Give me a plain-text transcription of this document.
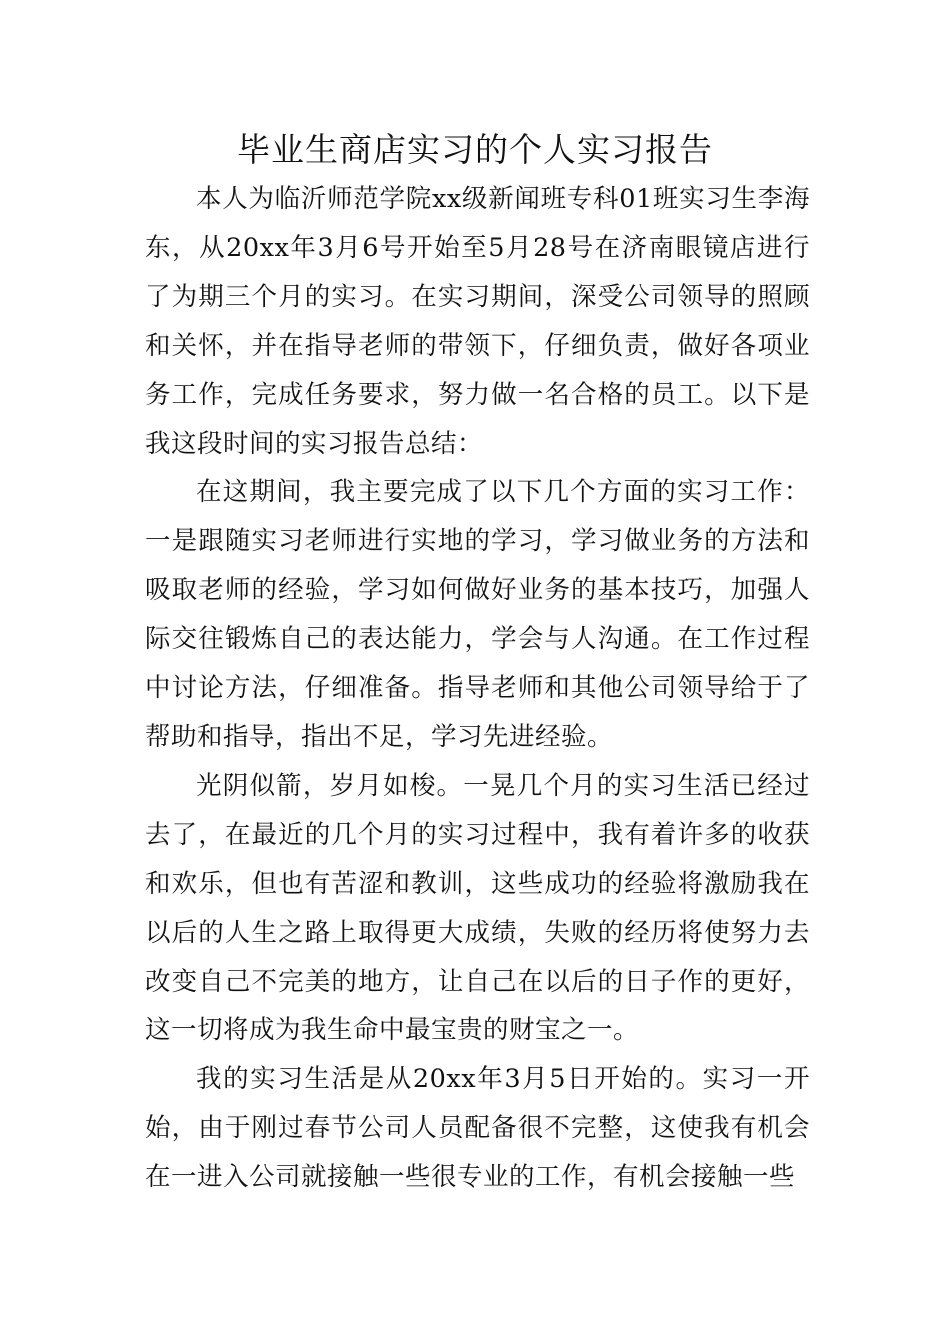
毕业生商店实习的个人实习报告

本人为临沂师范学院xx级新闻班专科01班实习生李海东，从20xx年3月6号开始至5月28号在济南眼镜店进行了为期三个月的实习。在实习期间，深受公司领导的照顾和关怀，并在指导老师的带领下，仔细负责，做好各项业务工作，完成任务要求，努力做一名合格的员工。以下是我这段时间的实习报告总结：

在这期间，我主要完成了以下几个方面的实习工作：一是跟随实习老师进行实地的学习，学习做业务的方法和吸取老师的经验，学习如何做好业务的基本技巧，加强人际交往锻炼自己的表达能力，学会与人沟通。在工作过程中讨论方法，仔细准备。指导老师和其他公司领导给于了帮助和指导，指出不足，学习先进经验。

光阴似箭，岁月如梭。一晃几个月的实习生活已经过去了，在最近的几个月的实习过程中，我有着许多的收获和欢乐，但也有苦涩和教训，这些成功的经验将激励我在以后的人生之路上取得更大成绩，失败的经历将使努力去改变自己不完美的地方，让自己在以后的日子作的更好，这一切将成为我生命中最宝贵的财宝之一。

我的实习生活是从20xx年3月5日开始的。实习一开始，由于刚过春节公司人员配备很不完整，这使我有机会在一进入公司就接触一些很专业的工作，有机会接触一些
